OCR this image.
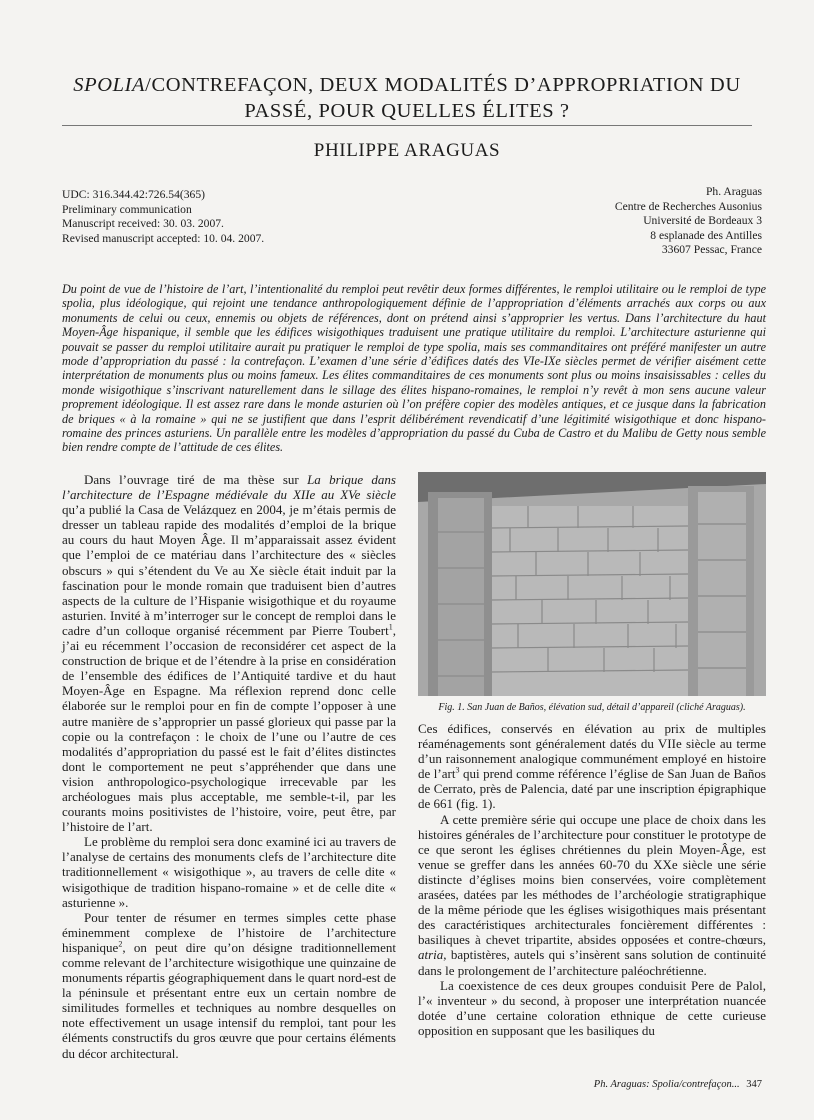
SPOLIA/CONTREFAÇON, DEUX MODALITÉS D’APPROPRIATION DU PASSÉ, POUR QUELLES ÉLITES ?
PHILIPPE ARAGUAS
UDC: 316.344.42:726.54(365)
Preliminary communication
Manuscript received: 30. 03. 2007.
Revised manuscript accepted: 10. 04. 2007.
Ph. Araguas
Centre de Recherches Ausonius
Université de Bordeaux 3
8 esplanade des Antilles
33607 Pessac, France

Du point de vue de l’histoire de l’art, l’intentionalité du remploi peut revêtir deux formes différentes, le remploi utilitaire ou le remploi de type spolia, plus idéologique, qui rejoint une tendance anthropologiquement définie de l’appropriation d’éléments arrachés aux corps ou aux monuments de celui ou ceux, ennemis ou objets de références, dont on prétend ainsi s’approprier les vertus. Dans l’architecture du haut Moyen-Âge hispanique, il semble que les édifices wisigothiques traduisent une pratique utilitaire du remploi. L’architecture asturienne qui pouvait se passer du remploi utilitaire aurait pu pratiquer le remploi de type spolia, mais ses commanditaires ont préféré manifester un autre mode d’appropriation du passé : la contrefaçon. L’examen d’une série d’édifices datés des VIe-IXe siècles permet de vérifier aisément cette interprétation de monuments plus ou moins fameux. Les élites commanditaires de ces monuments sont plus ou moins insaisissables : celles du monde wisigothique s’inscrivant naturellement dans le sillage des élites hispano-romaines, le remploi n’y revêt à mon sens aucune valeur proprement idéologique. Il est assez rare dans le monde asturien où l’on préfère copier des modèles antiques, et ce jusque dans la fabrication de briques « à la romaine » qui ne se justifient que dans l’esprit délibérément revendicatif d’une légitimité wisigothique et donc hispano-romaine des princes asturiens. Un parallèle entre les modèles d’appropriation du passé du Cuba de Castro et du Malibu de Getty nous semble bien rendre compte de l’attitude de ces élites.

Dans l’ouvrage tiré de ma thèse sur La brique dans l’architecture de l’Espagne médiévale du XIIe au XVe siècle qu’a publié la Casa de Velázquez en 2004, je m’étais permis de dresser un tableau rapide des modalités d’emploi de la brique au cours du haut Moyen Âge. Il m’apparaissait assez évident que l’emploi de ce matériau dans l’architecture des « siècles obscurs » qui s’étendent du Ve au Xe siècle était induit par la fascination pour le monde romain que traduisent bien d’autres aspects de la culture de l’Hispanie wisigothique et du royaume asturien. Invité à m’interroger sur le concept de remploi dans le cadre d’un colloque organisé récemment par Pierre Toubert$^1$, j’ai eu récemment l’occasion de reconsidérer cet aspect de la construction de brique et de l’étendre à la prise en considération de l’ensemble des édifices de l’Antiquité tardive et du haut Moyen-Âge en Espagne. Ma réflexion reprend donc celle élaborée sur le remploi pour en fin de compte l’opposer à une autre manière de s’approprier un passé glorieux qui passe par la copie ou la contrefaçon : le choix de l’une ou l’autre de ces modalités d’appropriation du passé est le fait d’élites distinctes dont le comportement ne peut s’appréhender que dans une vision anthropologico-psychologique irrecevable par les archéologues mais plus acceptable, me semble-t-il, par les courants moins positivistes de l’histoire, voire, peut être, par l’histoire de l’art.

Le problème du remploi sera donc examiné ici au travers de l’analyse de certains des monuments clefs de l’architecture dite traditionnellement « wisigothique », au travers de celle dite « wisigothique de tradition hispano-romaine » et de celle dite « asturienne ».

Pour tenter de résumer en termes simples cette phase éminemment complexe de l’histoire de l’architecture hispanique$^2$, on peut dire qu’on désigne traditionnellement comme relevant de l’architecture wisigothique une quinzaine de monuments répartis géographiquement dans le quart nord-est de la péninsule et présentant entre eux un certain nombre de similitudes formelles et techniques au nombre desquelles on note effectivement un usage intensif du remploi, tant pour les éléments constructifs du gros œuvre que pour certains éléments du décor architectural.

Fig. 1. San Juan de Baños, élévation sud, détail d’appareil (cliché Araguas).

Ces édifices, conservés en élévation au prix de multiples réaménagements sont généralement datés du VIIe siècle au terme d’un raisonnement analogique communément employé en histoire de l’art$^3$ qui prend comme référence l’église de San Juan de Baños de Cerrato, près de Palencia, daté par une inscription épigraphique de 661 (fig. 1).

A cette première série qui occupe une place de choix dans les histoires générales de l’architecture pour constituer le prototype de ce que seront les églises chrétiennes du plein Moyen-Âge, est venue se greffer dans les années 60-70 du XXe siècle une série distincte d’églises moins bien conservées, voire complètement arasées, datées par les méthodes de l’archéologie stratigraphique de la même période que les églises wisigothiques mais présentant des caractéristiques architecturales foncièrement différentes : basiliques à chevet tripartite, absides opposées et contre-chœurs, atria, baptistères, autels qui s’insèrent sans solution de continuité dans le prolongement de l’architecture paléochrétienne.

La coexistence de ces deux groupes conduisit Pere de Palol, l’« inventeur » du second, à proposer une interprétation nuancée dotée d’une certaine coloration ethnique de cette curieuse opposition en supposant que les basiliques du

Ph. Araguas: Spolia/contrefaçon... 347
